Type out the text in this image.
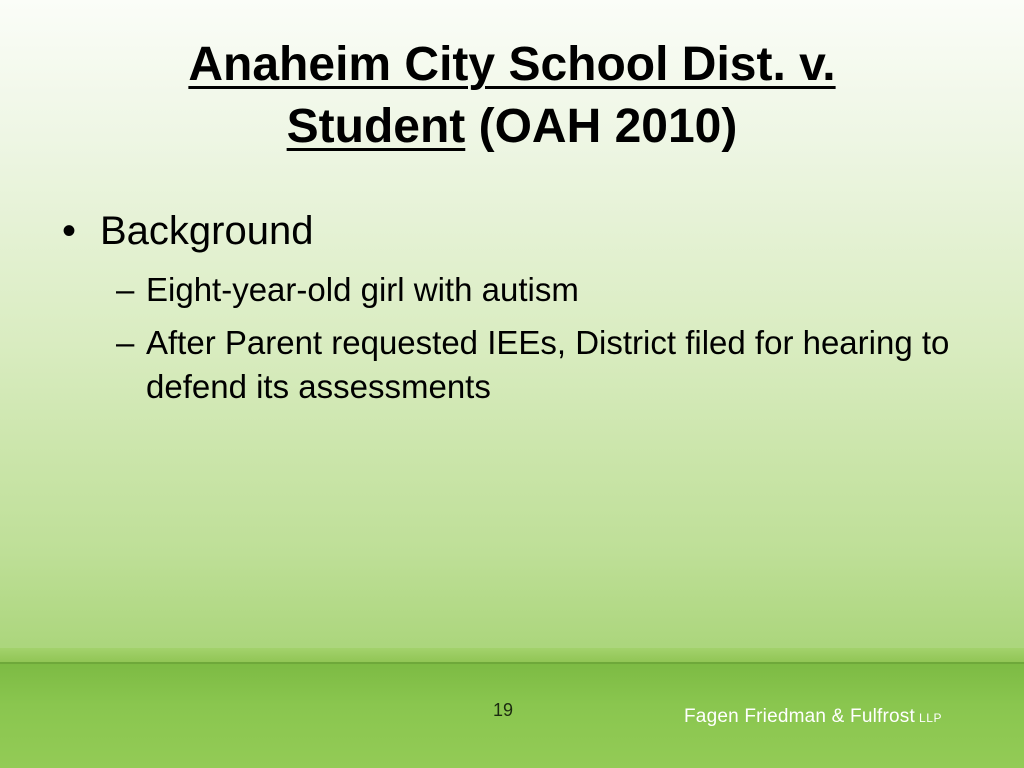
Anaheim City School Dist. v.
Student (OAH 2010)
• Background
– Eight-year-old girl with autism
– After Parent requested IEEs, District filed for hearing to defend its assessments
19	Fagen Friedman & Fulfrost LLP
